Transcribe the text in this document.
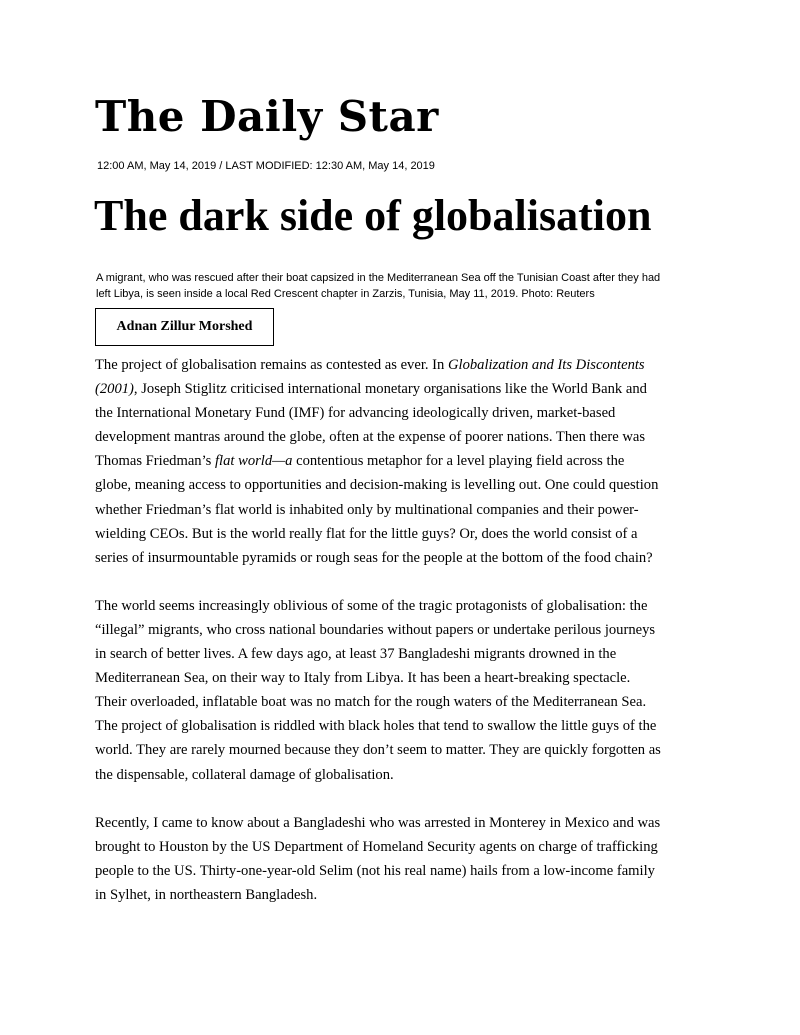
The Daily Star
12:00 AM, May 14, 2019 / LAST MODIFIED: 12:30 AM, May 14, 2019
The dark side of globalisation
A migrant, who was rescued after their boat capsized in the Mediterranean Sea off the Tunisian Coast after they had
left Libya, is seen inside a local Red Crescent chapter in Zarzis, Tunisia, May 11, 2019. Photo: Reuters
Adnan Zillur Morshed

The project of globalisation remains as contested as ever. In Globalization and Its Discontents
(2001), Joseph Stiglitz criticised international monetary organisations like the World Bank and
the International Monetary Fund (IMF) for advancing ideologically driven, market-based
development mantras around the globe, often at the expense of poorer nations. Then there was
Thomas Friedman’s flat world—a contentious metaphor for a level playing field across the
globe, meaning access to opportunities and decision-making is levelling out. One could question
whether Friedman’s flat world is inhabited only by multinational companies and their power-
wielding CEOs. But is the world really flat for the little guys? Or, does the world consist of a
series of insurmountable pyramids or rough seas for the people at the bottom of the food chain?

The world seems increasingly oblivious of some of the tragic protagonists of globalisation: the
“illegal” migrants, who cross national boundaries without papers or undertake perilous journeys
in search of better lives. A few days ago, at least 37 Bangladeshi migrants drowned in the
Mediterranean Sea, on their way to Italy from Libya. It has been a heart-breaking spectacle.
Their overloaded, inflatable boat was no match for the rough waters of the Mediterranean Sea.
The project of globalisation is riddled with black holes that tend to swallow the little guys of the
world. They are rarely mourned because they don’t seem to matter. They are quickly forgotten as
the dispensable, collateral damage of globalisation.

Recently, I came to know about a Bangladeshi who was arrested in Monterey in Mexico and was
brought to Houston by the US Department of Homeland Security agents on charge of trafficking
people to the US. Thirty-one-year-old Selim (not his real name) hails from a low-income family
in Sylhet, in northeastern Bangladesh.
